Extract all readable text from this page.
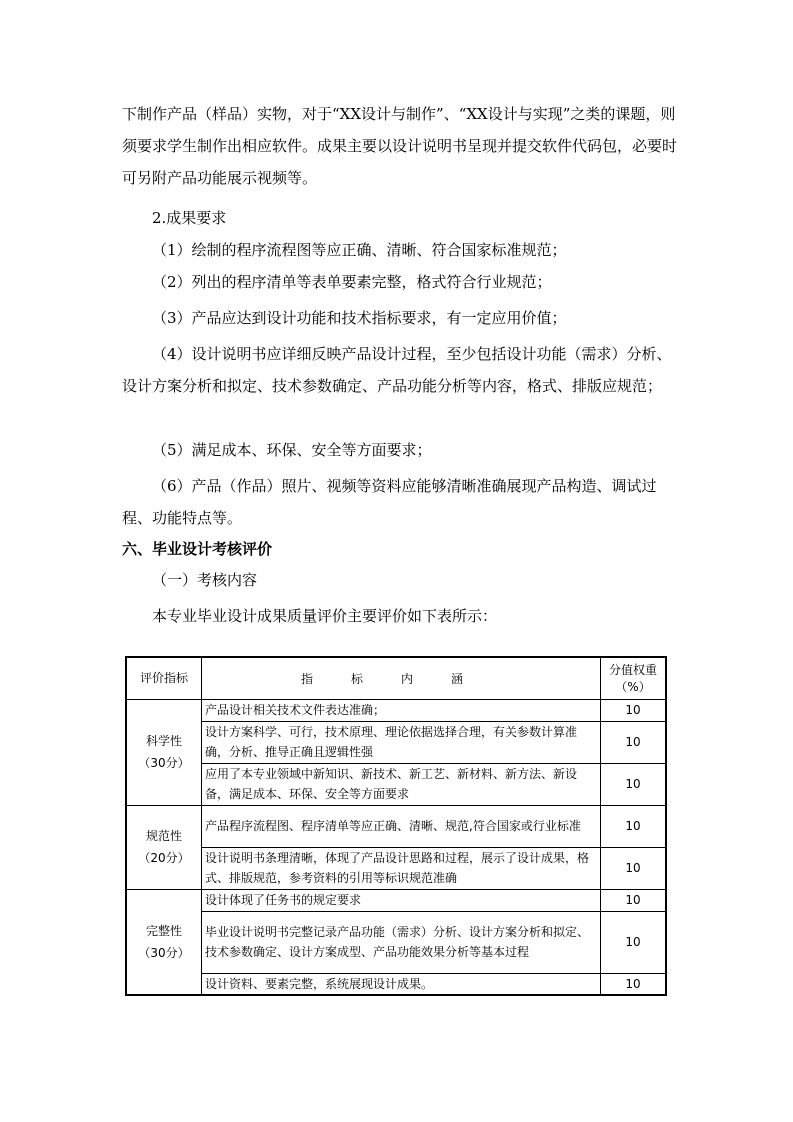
下制作产品（样品）实物，对于“XX设计与制作”、“XX设计与实现”之类的课题，则须要求学生制作出相应软件。成果主要以设计说明书呈现并提交软件代码包，必要时可另附产品功能展示视频等。

2.成果要求

（1）绘制的程序流程图等应正确、清晰、符合国家标准规范；

（2）列出的程序清单等表单要素完整，格式符合行业规范；

（3）产品应达到设计功能和技术指标要求，有一定应用价值；

（4）设计说明书应详细反映产品设计过程，至少包括设计功能（需求）分析、设计方案分析和拟定、技术参数确定、产品功能分析等内容，格式、排版应规范；

（5）满足成本、环保、安全等方面要求；

（6）产品（作品）照片、视频等资料应能够清晰准确展现产品构造、调试过程、功能特点等。

六、毕业设计考核评价

（一）考核内容

本专业毕业设计成果质量评价主要评价如下表所示：

评价指标	指标内涵	分值权重（%）

科学性
（30分）	产品设计相关技术文件表达准确；	10
	设计方案科学、可行，技术原理、理论依据选择合理，有关参数计算准确，分析、推导正确且逻辑性强	10
	应用了本专业领域中新知识、新技术、新工艺、新材料、新方法、新设备，满足成本、环保、安全等方面要求	10

规范性
（20分）	产品程序流程图、程序清单等应正确、清晰、规范,符合国家或行业标准	10
	设计说明书条理清晰，体现了产品设计思路和过程，展示了设计成果，格式、排版规范，参考资料的引用等标识规范准确	10

完整性
（30分）	设计体现了任务书的规定要求	10
	毕业设计说明书完整记录产品功能（需求）分析、设计方案分析和拟定、技术参数确定、设计方案成型、产品功能效果分析等基本过程	10
	设计资料、要素完整，系统展现设计成果。	10
